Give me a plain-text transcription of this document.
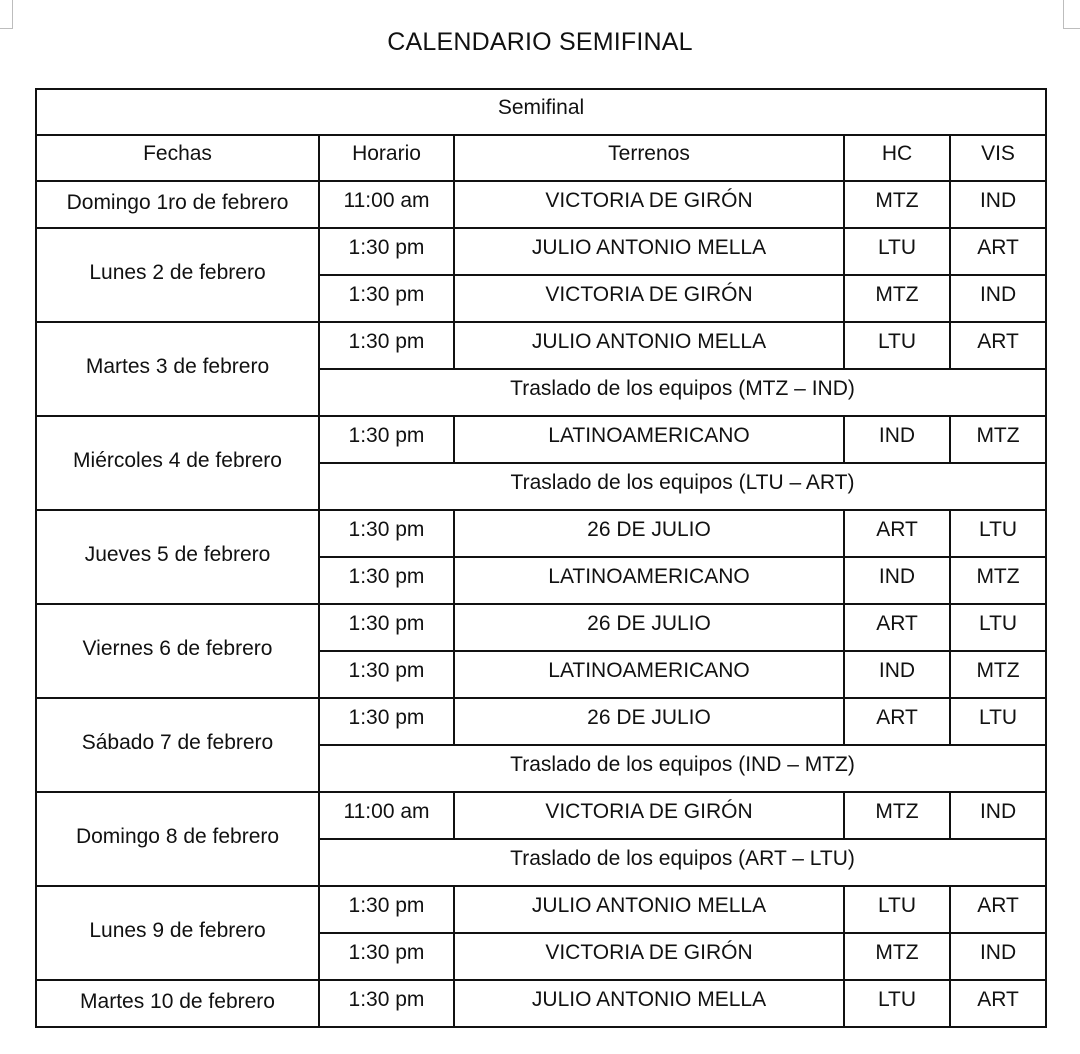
CALENDARIO SEMIFINAL
Semifinal				
Fechas	Horario	Terrenos	HC	VIS
Domingo 1ro de febrero	11:00 am	VICTORIA DE GIRÓN	MTZ	IND
Lunes 2 de febrero	1:30 pm	JULIO ANTONIO MELLA	LTU	ART
	1:30 pm	VICTORIA DE GIRÓN	MTZ	IND
Martes 3 de febrero	1:30 pm	JULIO ANTONIO MELLA	LTU	ART
	Traslado de los equipos (MTZ – IND)			
Miércoles 4 de febrero	1:30 pm	LATINOAMERICANO	IND	MTZ
	Traslado de los equipos (LTU – ART)			
Jueves 5 de febrero	1:30 pm	26 DE JULIO	ART	LTU
	1:30 pm	LATINOAMERICANO	IND	MTZ
Viernes 6 de febrero	1:30 pm	26 DE JULIO	ART	LTU
	1:30 pm	LATINOAMERICANO	IND	MTZ
Sábado 7 de febrero	1:30 pm	26 DE JULIO	ART	LTU
	Traslado de los equipos (IND – MTZ)			
Domingo 8 de febrero	11:00 am	VICTORIA DE GIRÓN	MTZ	IND
	Traslado de los equipos (ART – LTU)			
Lunes 9 de febrero	1:30 pm	JULIO ANTONIO MELLA	LTU	ART
	1:30 pm	VICTORIA DE GIRÓN	MTZ	IND
Martes 10 de febrero	1:30 pm	JULIO ANTONIO MELLA	LTU	ART
